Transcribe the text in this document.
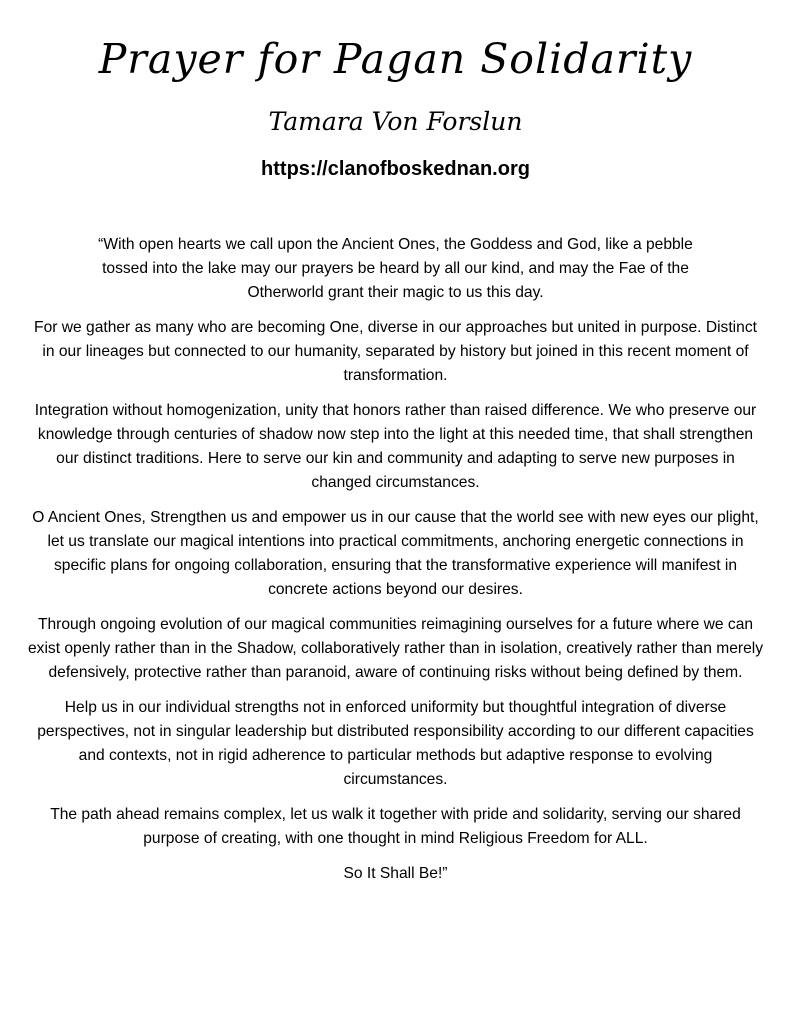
Prayer for Pagan Solidarity
Tamara Von Forslun
https://clanofboskednan.org

“With open hearts we call upon the Ancient Ones, the Goddess and God, like a pebble tossed into the lake may our prayers be heard by all our kind, and may the Fae of the Otherworld grant their magic to us this day.

For we gather as many who are becoming One, diverse in our approaches but united in purpose. Distinct in our lineages but connected to our humanity, separated by history but joined in this recent moment of transformation.

Integration without homogenization, unity that honors rather than raised difference. We who preserve our knowledge through centuries of shadow now step into the light at this needed time, that shall strengthen our distinct traditions. Here to serve our kin and community and adapting to serve new purposes in changed circumstances.

O Ancient Ones, Strengthen us and empower us in our cause that the world see with new eyes our plight, let us translate our magical intentions into practical commitments, anchoring energetic connections in specific plans for ongoing collaboration, ensuring that the transformative experience will manifest in concrete actions beyond our desires.

Through ongoing evolution of our magical communities reimagining ourselves for a future where we can exist openly rather than in the Shadow, collaboratively rather than in isolation, creatively rather than merely defensively, protective rather than paranoid, aware of continuing risks without being defined by them.

Help us in our individual strengths not in enforced uniformity but thoughtful integration of diverse perspectives, not in singular leadership but distributed responsibility according to our different capacities and contexts, not in rigid adherence to particular methods but adaptive response to evolving circumstances.

The path ahead remains complex, let us walk it together with pride and solidarity, serving our shared purpose of creating, with one thought in mind Religious Freedom for ALL.

So It Shall Be!”
